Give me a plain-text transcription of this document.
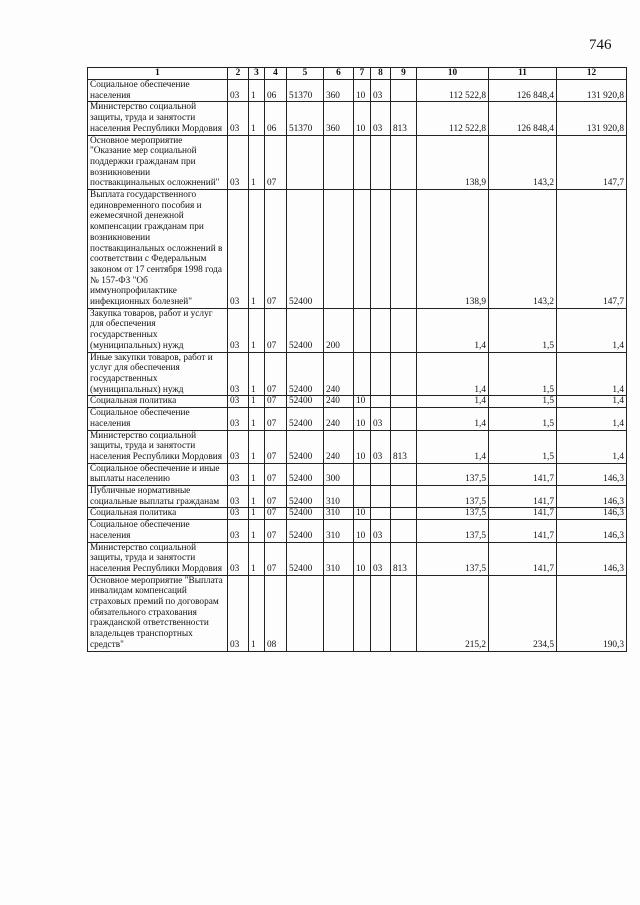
746
1	2	3	4	5	6	7	8	9	10	11	12
Социальное обеспечение населения	03	1	06	51370	360	10	03		112 522,8	126 848,4	131 920,8
Министерство социальной защиты, труда и занятости населения Республики Мордовия	03	1	06	51370	360	10	03	813	112 522,8	126 848,4	131 920,8
Основное мероприятие "Оказание мер социальной поддержки гражданам при возникновении поствакцинальных осложнений"	03	1	07						138,9	143,2	147,7
Выплата государственного единовременного пособия и ежемесячной денежной компенсации гражданам при возникновении поствакцинальных осложнений в соответствии с Федеральным законом от 17 сентября 1998 года № 157-ФЗ "Об иммунопрофилактике инфекционных болезней"	03	1	07	52400					138,9	143,2	147,7
Закупка товаров, работ и услуг для обеспечения государственных (муниципальных) нужд	03	1	07	52400	200				1,4	1,5	1,4
Иные закупки товаров, работ и услуг для обеспечения государственных (муниципальных) нужд	03	1	07	52400	240				1,4	1,5	1,4
Социальная политика	03	1	07	52400	240	10			1,4	1,5	1,4
Социальное обеспечение населения	03	1	07	52400	240	10	03		1,4	1,5	1,4
Министерство социальной защиты, труда и занятости населения Республики Мордовия	03	1	07	52400	240	10	03	813	1,4	1,5	1,4
Социальное обеспечение и иные выплаты населению	03	1	07	52400	300				137,5	141,7	146,3
Публичные нормативные социальные выплаты гражданам	03	1	07	52400	310				137,5	141,7	146,3
Социальная политика	03	1	07	52400	310	10			137,5	141,7	146,3
Социальное обеспечение населения	03	1	07	52400	310	10	03		137,5	141,7	146,3
Министерство социальной защиты, труда и занятости населения Республики Мордовия	03	1	07	52400	310	10	03	813	137,5	141,7	146,3
Основное мероприятие "Выплата инвалидам компенсаций страховых премий по договорам обязательного страхования гражданской ответственности владельцев транспортных средств"	03	1	08						215,2	234,5	190,3
